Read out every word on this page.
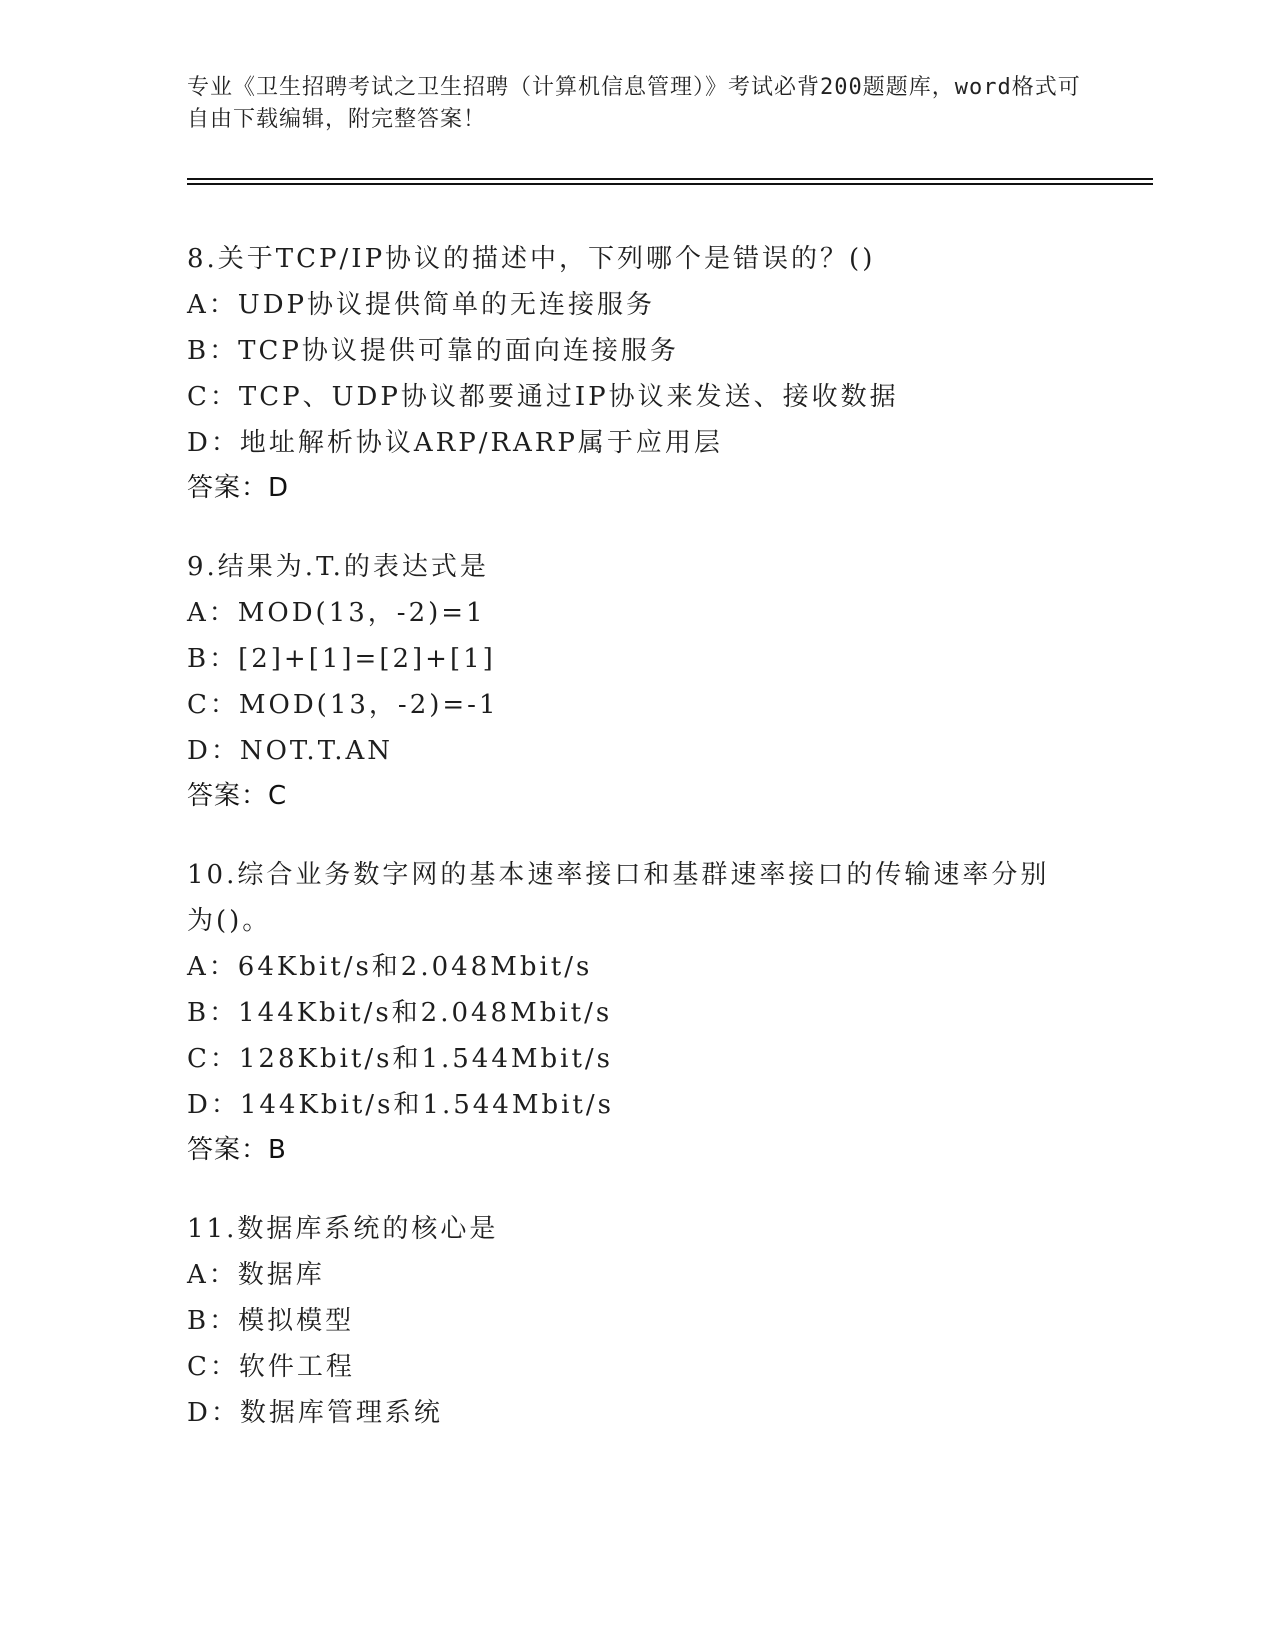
专业《卫生招聘考试之卫生招聘（计算机信息管理）》考试必背200题题库，word格式可自由下载编辑，附完整答案！
8.关于TCP/IP协议的描述中，下列哪个是错误的？()
A：UDP协议提供简单的无连接服务
B：TCP协议提供可靠的面向连接服务
C：TCP、UDP协议都要通过IP协议来发送、接收数据
D：地址解析协议ARP/RARP属于应用层
答案：D
9.结果为.T.的表达式是
A：MOD(13，-2)=1
B：[2]+[1]=[2]+[1]
C：MOD(13，-2)=-1
D：NOT.T.AN
答案：C
10.综合业务数字网的基本速率接口和基群速率接口的传输速率分别为()。
A：64Kbit/s和2.048Mbit/s
B：144Kbit/s和2.048Mbit/s
C：128Kbit/s和1.544Mbit/s
D：144Kbit/s和1.544Mbit/s
答案：B
11.数据库系统的核心是
A：数据库
B：模拟模型
C：软件工程
D：数据库管理系统
